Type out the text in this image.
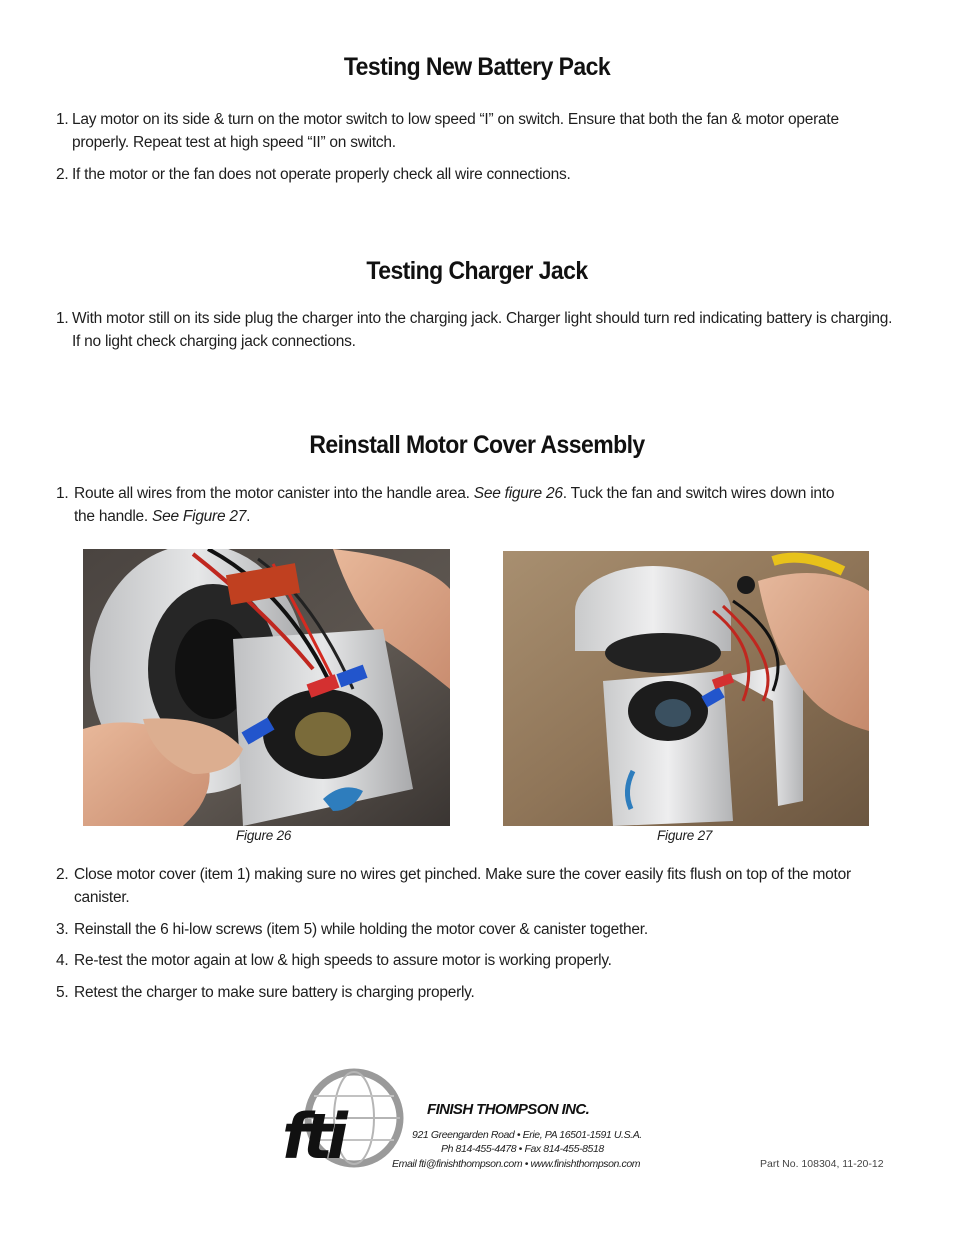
Testing New Battery Pack
1. Lay motor on its side & turn on the motor switch to low speed “I” on switch. Ensure that both the fan & motor operate properly. Repeat test at high speed “II” on switch.
2. If the motor or the fan does not operate properly check all wire connections.
Testing Charger Jack
1. With motor still on its side plug the charger into the charging jack. Charger light should turn red indicating battery is charging. If no light check charging jack connections.
Reinstall Motor Cover Assembly
1. Route all wires from the motor canister into the handle area. See figure 26. Tuck the fan and switch wires down into the handle. See Figure 27.
Figure 26	Figure 27
2. Close motor cover (item 1) making sure no wires get pinched. Make sure the cover easily fits flush on top of the motor canister.
3. Reinstall the 6 hi-low screws (item 5) while holding the motor cover & canister together.
4. Re-test the motor again at low & high speeds to assure motor is working properly.
5. Retest the charger to make sure battery is charging properly.
fti	FINISH THOMPSON INC.
921 Greengarden Road • Erie, PA 16501-1591 U.S.A.
Ph 814-455-4478 • Fax 814-455-8518
Email fti@finishthompson.com • www.finishthompson.com	Part No. 108304, 11-20-12
